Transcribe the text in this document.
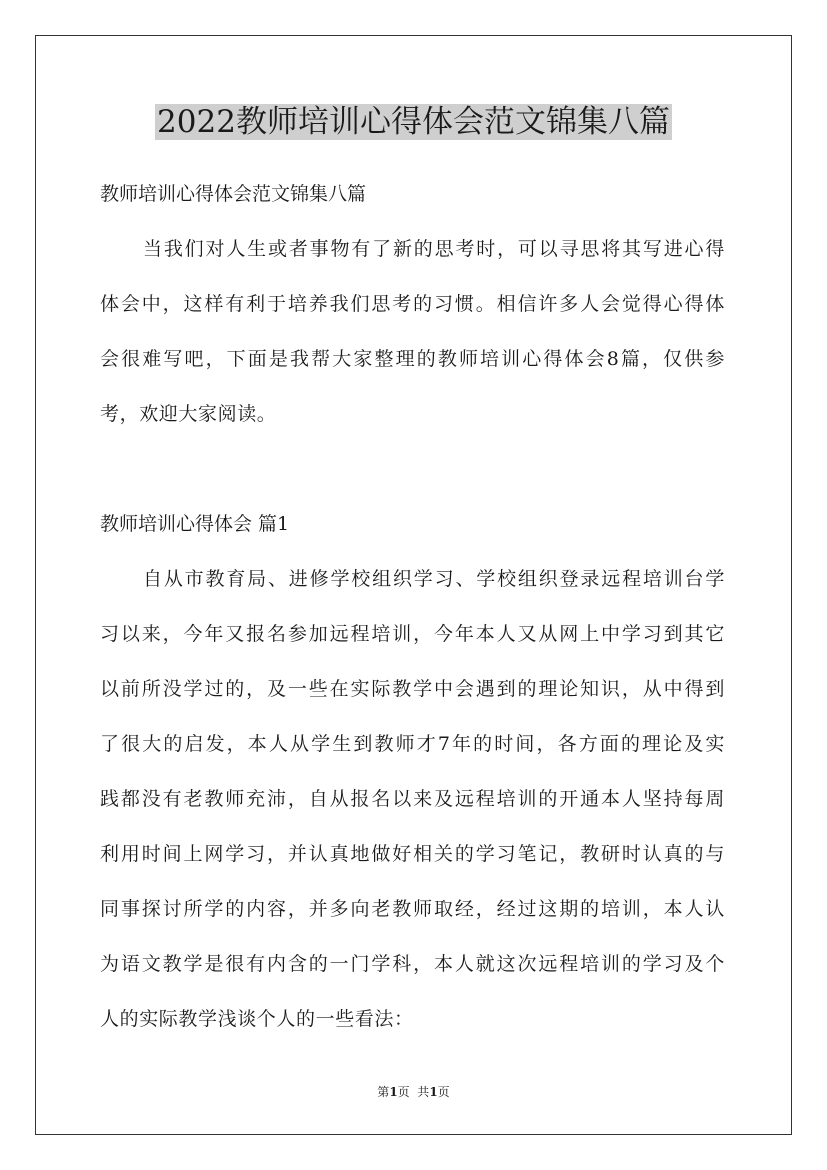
2022教师培训心得体会范文锦集八篇
教师培训心得体会范文锦集八篇
当我们对人生或者事物有了新的思考时，可以寻思将其写进心得
体会中，这样有利于培养我们思考的习惯。相信许多人会觉得心得体
会很难写吧，下面是我帮大家整理的教师培训心得体会8篇，仅供参
考，欢迎大家阅读。
教师培训心得体会 篇1
自从市教育局、进修学校组织学习、学校组织登录远程培训台学
习以来，今年又报名参加远程培训，今年本人又从网上中学习到其它
以前所没学过的，及一些在实际教学中会遇到的理论知识，从中得到
了很大的启发，本人从学生到教师才7年的时间，各方面的理论及实
践都没有老教师充沛，自从报名以来及远程培训的开通本人坚持每周
利用时间上网学习，并认真地做好相关的学习笔记，教研时认真的与
同事探讨所学的内容，并多向老教师取经，经过这期的培训，本人认
为语文教学是很有内含的一门学科，本人就这次远程培训的学习及个
人的实际教学浅谈个人的一些看法：
第1页  共1页
